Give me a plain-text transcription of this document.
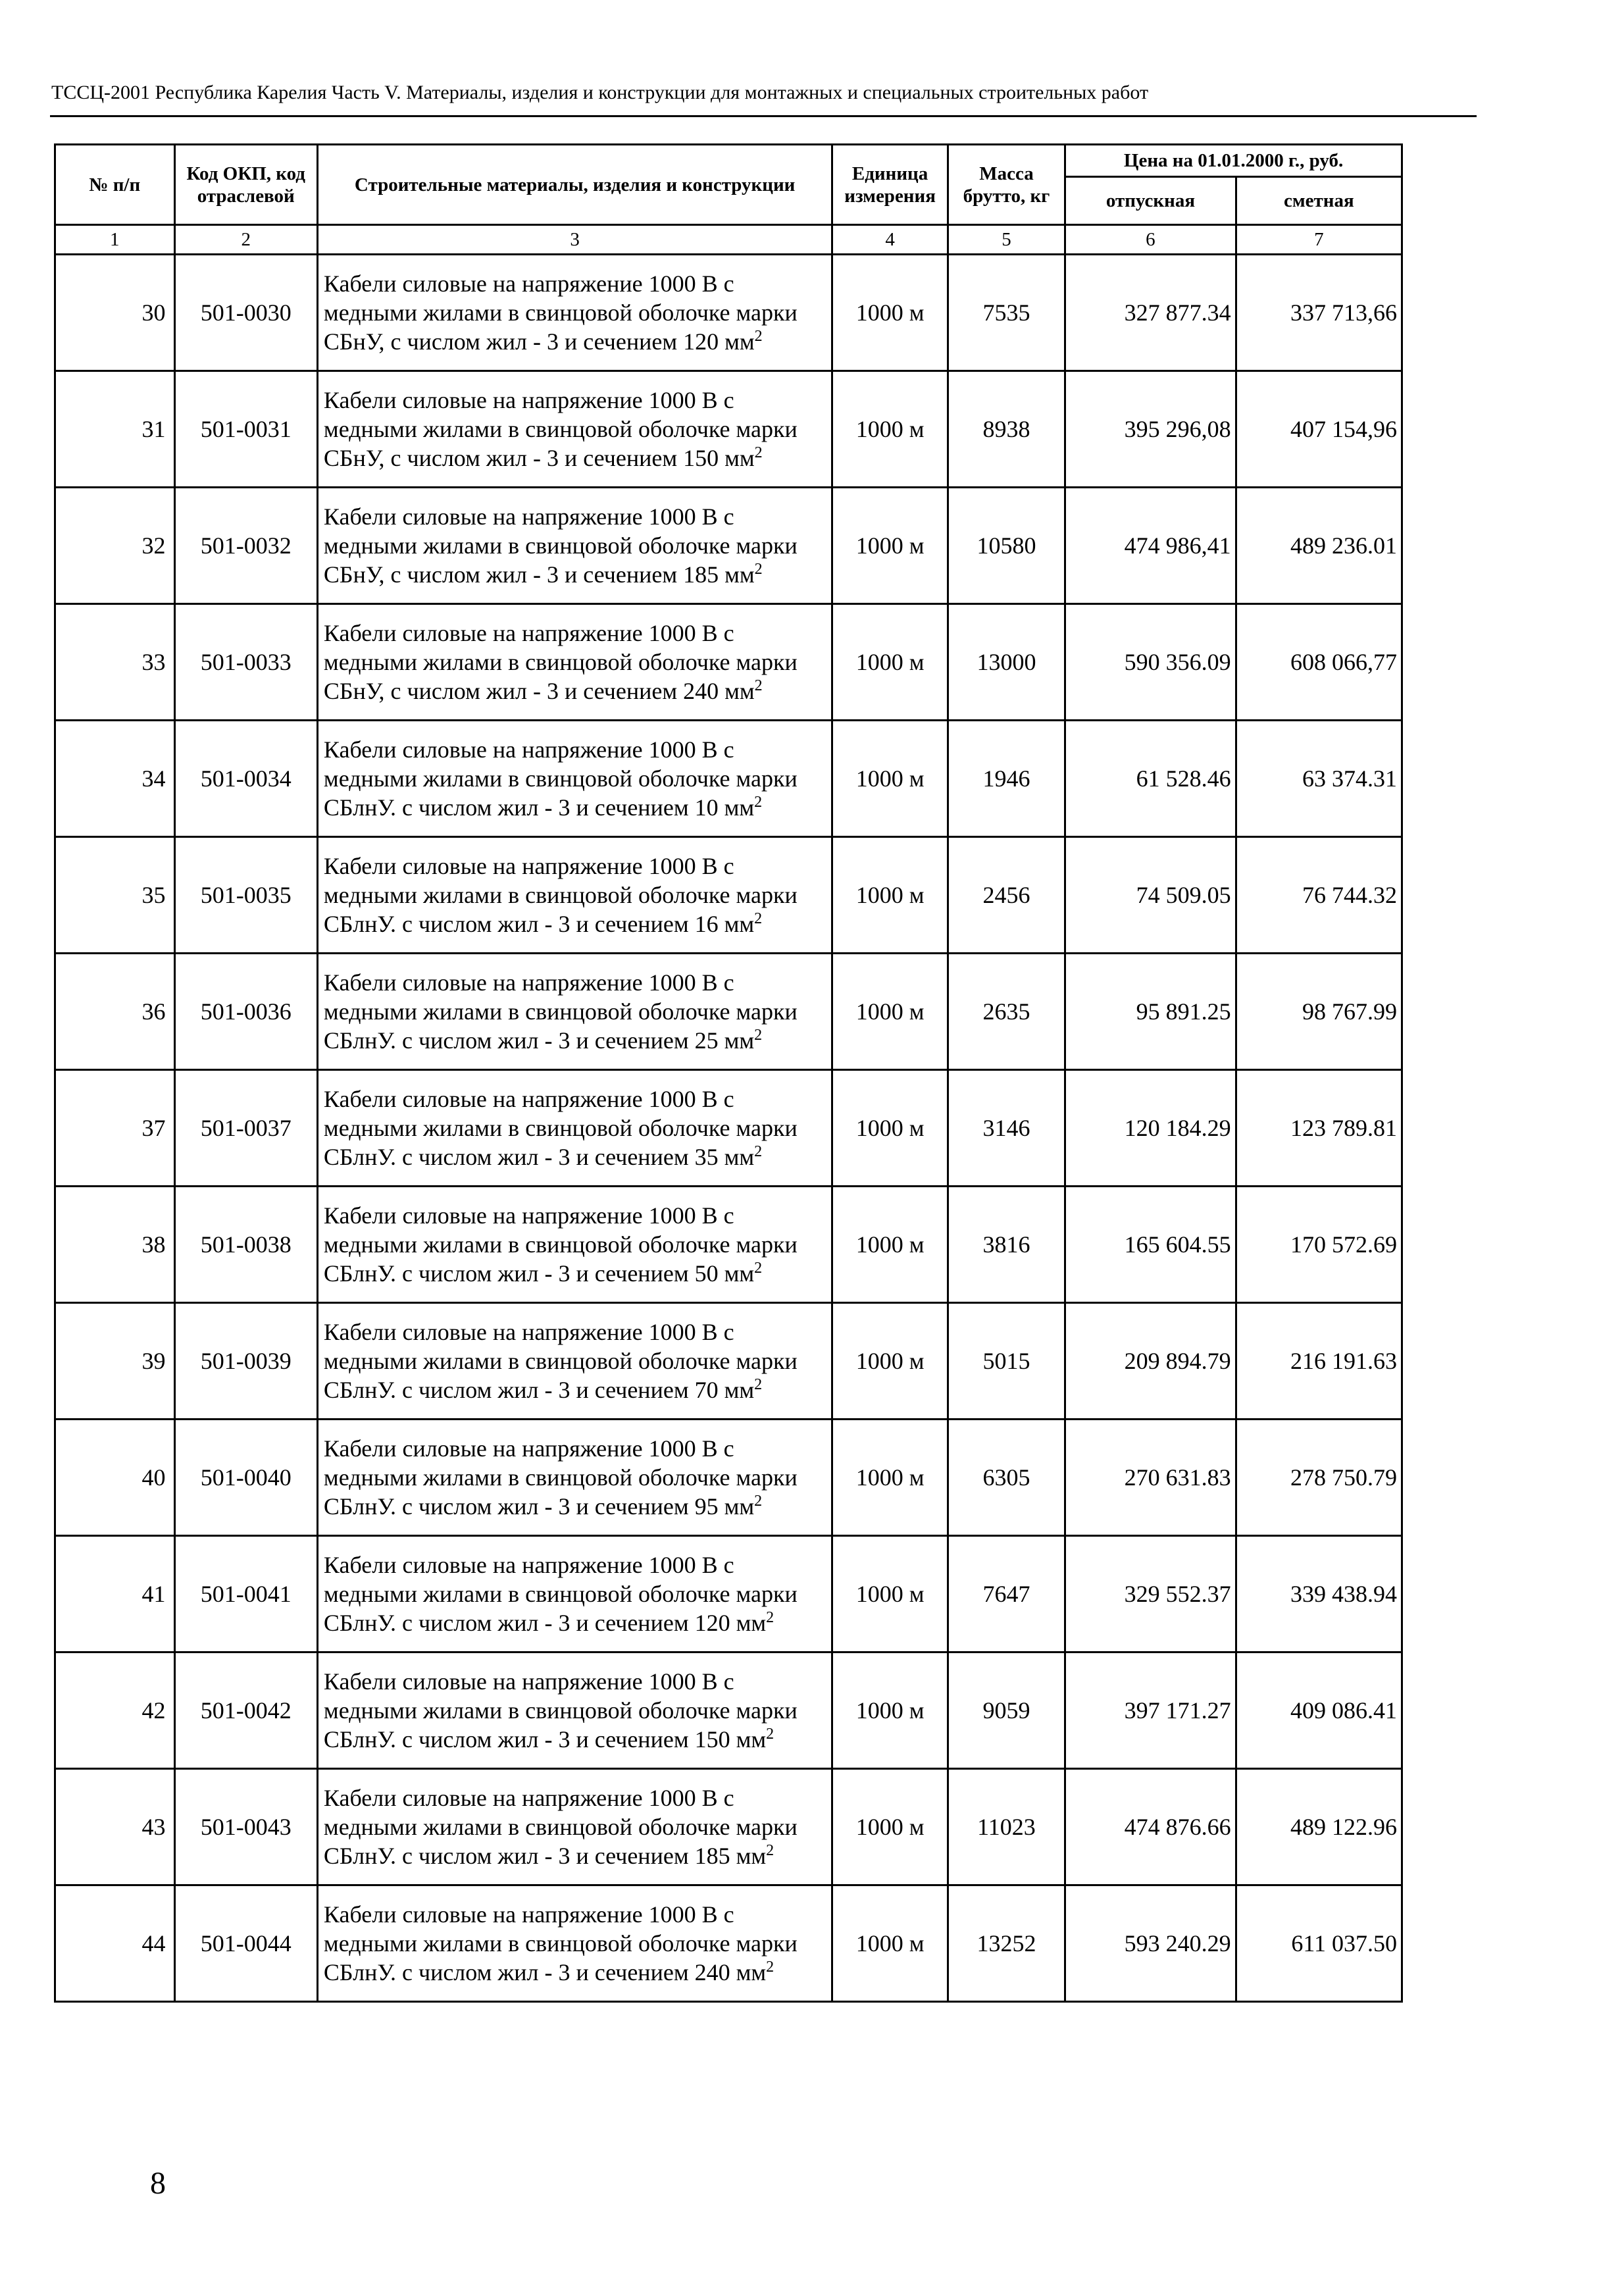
ТССЦ-2001 Республика Карелия Часть V. Материалы, изделия и конструкции для монтажных и специальных строительных работ
№ п/п	Код ОКП, код отраслевой	Строительные материалы, изделия и конструкции	Единица измерения	Масса брутто, кг	Цена на 01.01.2000 г., руб.	
					отпускная	сметная
1	2	3	4	5	6	7
30	501-0030	Кабели силовые на напряжение 1000 В с медными жилами в свинцовой оболочке марки СБнУ, с числом жил - 3 и сечением 120 $мм^2$	1000 м	7535	327 877.34	337 713,66
31	501-0031	Кабели силовые на напряжение 1000 В с медными жилами в свинцовой оболочке марки СБнУ, с числом жил - 3 и сечением 150 $мм^2$	1000 м	8938	395 296,08	407 154,96
32	501-0032	Кабели силовые на напряжение 1000 В с медными жилами в свинцовой оболочке марки СБнУ, с числом жил - 3 и сечением 185 $мм^2$	1000 м	10580	474 986,41	489 236.01
33	501-0033	Кабели силовые на напряжение 1000 В с медными жилами в свинцовой оболочке марки СБнУ, с числом жил - 3 и сечением 240 $мм^2$	1000 м	13000	590 356.09	608 066,77
34	501-0034	Кабели силовые на напряжение 1000 В с медными жилами в свинцовой оболочке марки СБлнУ. с числом жил - 3 и сечением 10 $мм^2$	1000 м	1946	61 528.46	63 374.31
35	501-0035	Кабели силовые на напряжение 1000 В с медными жилами в свинцовой оболочке марки СБлнУ. с числом жил - 3 и сечением 16 $мм^2$	1000 м	2456	74 509.05	76 744.32
36	501-0036	Кабели силовые на напряжение 1000 В с медными жилами в свинцовой оболочке марки СБлнУ. с числом жил - 3 и сечением 25 $мм^2$	1000 м	2635	95 891.25	98 767.99
37	501-0037	Кабели силовые на напряжение 1000 В с медными жилами в свинцовой оболочке марки СБлнУ. с числом жил - 3 и сечением 35 $мм^2$	1000 м	3146	120 184.29	123 789.81
38	501-0038	Кабели силовые на напряжение 1000 В с медными жилами в свинцовой оболочке марки СБлнУ. с числом жил - 3 и сечением 50 $мм^2$	1000 м	3816	165 604.55	170 572.69
39	501-0039	Кабели силовые на напряжение 1000 В с медными жилами в свинцовой оболочке марки СБлнУ. с числом жил - 3 и сечением 70 $мм^2$	1000 м	5015	209 894.79	216 191.63
40	501-0040	Кабели силовые на напряжение 1000 В с медными жилами в свинцовой оболочке марки СБлнУ. с числом жил - 3 и сечением 95 $мм^2$	1000 м	6305	270 631.83	278 750.79
41	501-0041	Кабели силовые на напряжение 1000 В с медными жилами в свинцовой оболочке марки СБлнУ. с числом жил - 3 и сечением 120 $мм^2$	1000 м	7647	329 552.37	339 438.94
42	501-0042	Кабели силовые на напряжение 1000 В с медными жилами в свинцовой оболочке марки СБлнУ. с числом жил - 3 и сечением 150 $мм^2$	1000 м	9059	397 171.27	409 086.41
43	501-0043	Кабели силовые на напряжение 1000 В с медными жилами в свинцовой оболочке марки СБлнУ. с числом жил - 3 и сечением 185 $мм^2$	1000 м	11023	474 876.66	489 122.96
44	501-0044	Кабели силовые на напряжение 1000 В с медными жилами в свинцовой оболочке марки СБлнУ. с числом жил - 3 и сечением 240 $мм^2$	1000 м	13252	593 240.29	611 037.50
8
